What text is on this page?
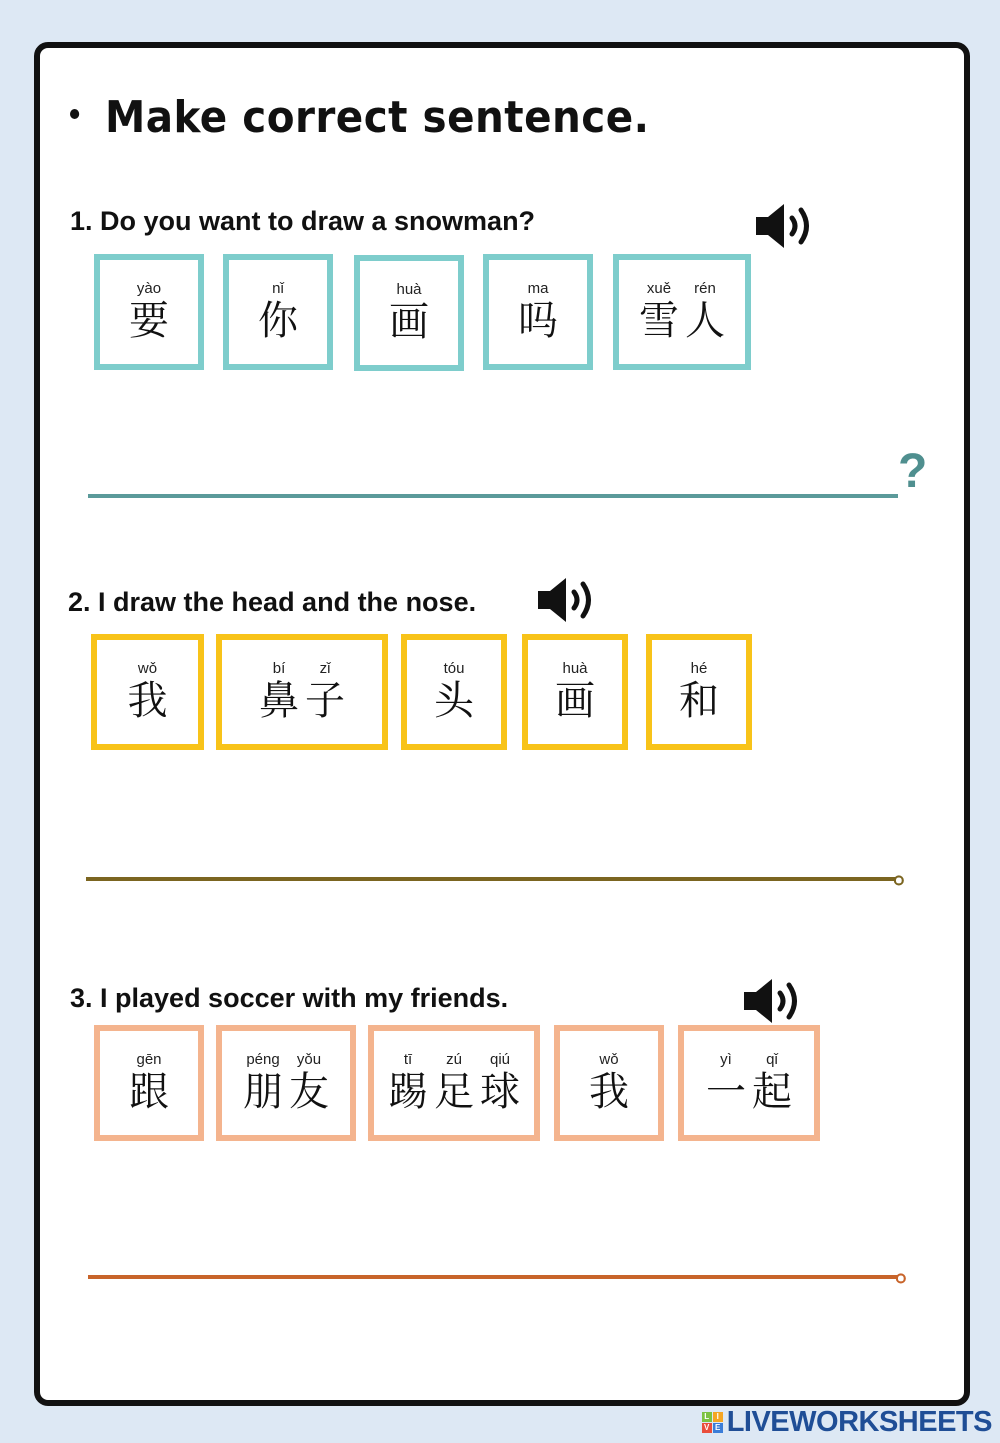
Make correct sentence.
1. Do you want to draw a snowman?
yào
要
nǐ
你
huà
画
ma
吗
xuě
雪
rén
人
?
2. I draw the head and the nose.
wǒ
我
bí
鼻
zǐ
子
tóu
头
huà
画
hé
和
。
3. I played soccer with my friends.
gēn
跟
péng
朋
yǒu
友
tī
踢
zú
足
qiú
球
wǒ
我
yì
一
qǐ
起
。
L I
V E LIVEWORKSHEETS
